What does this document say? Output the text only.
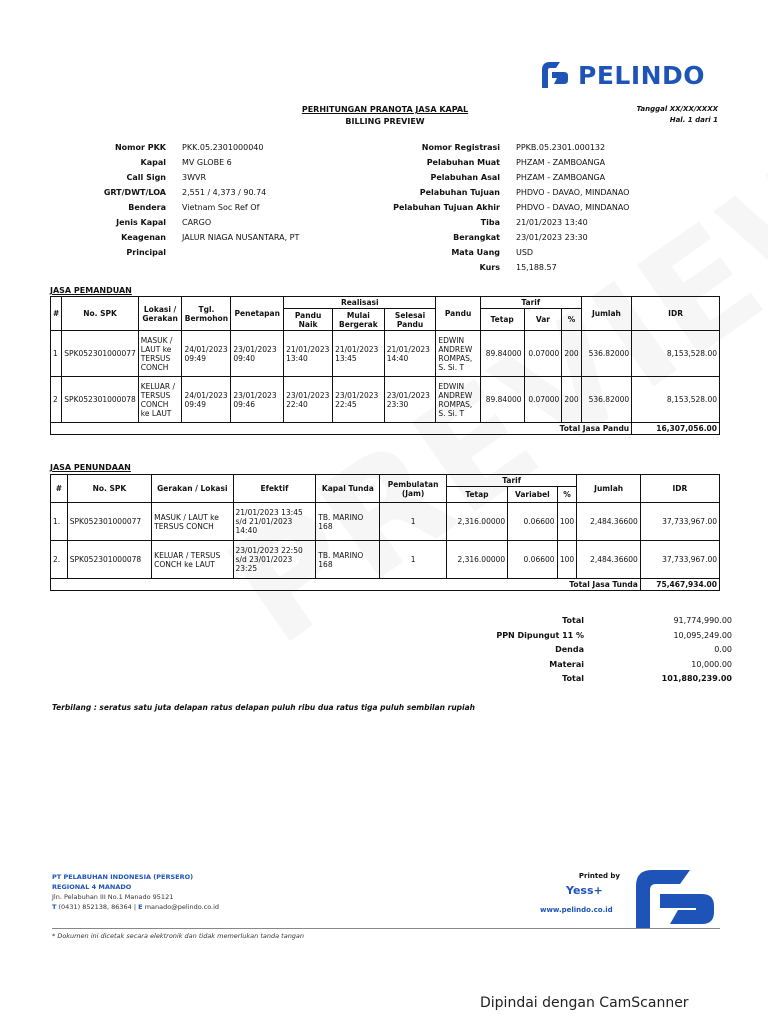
PELINDO
PERHITUNGAN PRANOTA JASA KAPAL
BILLING PREVIEW
Tanggal XX/XX/XXXX
Hal. 1 dari 1
Nomor PKK	PKK.05.2301000040
Kapal	MV GLOBE 6
Call Sign	3WVR
GRT/DWT/LOA	2,551 / 4,373 / 90.74
Bendera	Vietnam Soc Ref Of
Jenis Kapal	CARGO
Keagenan	JALUR NIAGA NUSANTARA, PT
Principal
Nomor Registrasi	PPKB.05.2301.000132
Pelabuhan Muat	PHZAM - ZAMBOANGA
Pelabuhan Asal	PHZAM - ZAMBOANGA
Pelabuhan Tujuan	PHDVO - DAVAO, MINDANAO
Pelabuhan Tujuan Akhir	PHDVO - DAVAO, MINDANAO
Tiba	21/01/2023 13:40
Berangkat	23/01/2023 23:30
Mata Uang	USD
Kurs	15,188.57
JASA PEMANDUAN
#	No. SPK	Lokasi / Gerakan	Tgl. Bermohon	Penetapan	Realisasi			Pandu	Tarif			Jumlah	IDR
					Pandu Naik	Mulai Bergerak	Selesai Pandu		Tetap	Var	%		
1	SPK052301000077	MASUK / LAUT ke TERSUS CONCH	24/01/2023 09:49	23/01/2023 09:40	21/01/2023 13:40	21/01/2023 13:45	21/01/2023 14:40	EDWIN ANDREW ROMPAS, S. Si. T	89.84000	0.07000	200	536.82000	8,153,528.00
2	SPK052301000078	KELUAR / TERSUS CONCH ke LAUT	24/01/2023 09:49	23/01/2023 09:46	23/01/2023 22:40	23/01/2023 22:45	23/01/2023 23:30	EDWIN ANDREW ROMPAS, S. Si. T	89.84000	0.07000	200	536.82000	8,153,528.00
Total Jasa Pandu													16,307,056.00
JASA PENUNDAAN
#	No. SPK	Gerakan / Lokasi	Efektif	Kapal Tunda	Pembulatan (Jam)	Tarif			Jumlah	IDR
						Tetap	Variabel	%		
1.	SPK052301000077	MASUK / LAUT ke TERSUS CONCH	21/01/2023 13:45 s/d 21/01/2023 14:40	TB. MARINO 168	1	2,316.00000	0.06600	100	2,484.36600	37,733,967.00
2.	SPK052301000078	KELUAR / TERSUS CONCH ke LAUT	23/01/2023 22:50 s/d 23/01/2023 23:25	TB. MARINO 168	1	2,316.00000	0.06600	100	2,484.36600	37,733,967.00
Total Jasa Tunda										75,467,934.00
Total	91,774,990.00
PPN Dipungut 11 %	10,095,249.00
Denda	0.00
Materai	10,000.00
Total	101,880,239.00
Terbilang : seratus satu juta delapan ratus delapan puluh ribu dua ratus tiga puluh sembilan rupiah
PT PELABUHAN INDONESIA (PERSERO)
REGIONAL 4 MANADO
Jln. Pelabuhan III No.1 Manado 95121
T (0431) 852138, 86364 | E manado@pelindo.co.id
Printed by
Yess+
www.pelindo.co.id
* Dokumen ini dicetak secara elektronik dan tidak memerlukan tanda tangan
Dipindai dengan CamScanner
